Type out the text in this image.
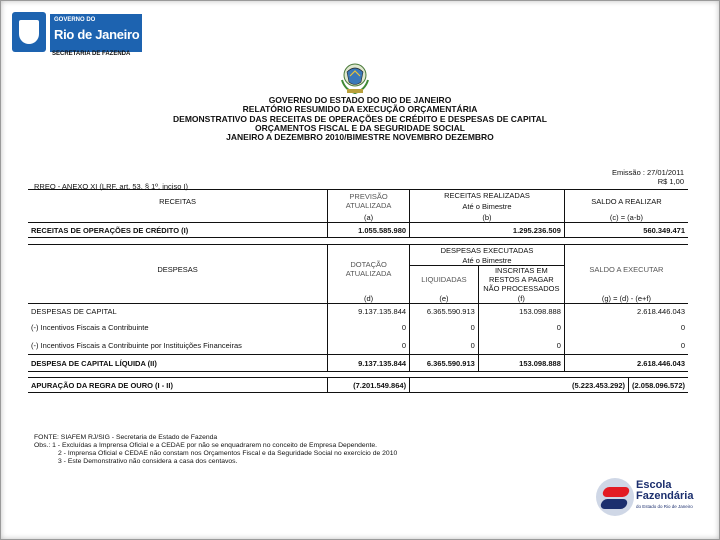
GOVERNO DO
Rio de Janeiro
SECRETARIA DE FAZENDA
GOVERNO DO ESTADO DO RIO DE JANEIRO
RELATÓRIO RESUMIDO DA EXECUÇÃO ORÇAMENTÁRIA
DEMONSTRATIVO DAS RECEITAS DE OPERAÇÕES DE CRÉDITO E DESPESAS DE CAPITAL
ORÇAMENTOS FISCAL E DA SEGURIDADE SOCIAL
JANEIRO A DEZEMBRO 2010/BIMESTRE NOVEMBRO DEZEMBRO
Emissão : 27/01/2011
R$ 1,00
RREO - ANEXO XI (LRF, art. 53, § 1º, inciso I)
RECEITAS	PREVISÃO ATUALIZADA	RECEITAS REALIZADAS		SALDO A REALIZAR	
		Até o Bimestre			
	(a)	(b)		(c) = (a-b)	
RECEITAS DE OPERAÇÕES DE CRÉDITO (I)	1.055.585.980	1.295.236.509		560.349.471	

DESPESAS	DOTAÇÃO ATUALIZADA	DESPESAS EXECUTADAS		SALDO A EXECUTAR	
		Até o Bimestre			
		LIQUIDADAS	INSCRITAS EM RESTOS A PAGAR NÃO PROCESSADOS		
	(d)	(e)	(f)	(g) = (d) - (e+f)	
DESPESAS DE CAPITAL	9.137.135.844	6.365.590.913	153.098.888	2.618.446.043	
(-) Incentivos Fiscais a Contribuinte	0	0	0	0	
(-) Incentivos Fiscais a Contribuinte por Instituições Financeiras	0	0	0	0	
DESPESA DE CAPITAL LÍQUIDA (II)	9.137.135.844	6.365.590.913	153.098.888	2.618.446.043	

APURAÇÃO DA REGRA DE OURO (I - II)	(7.201.549.864)	(5.223.453.292)			(2.058.096.572)
FONTE: SIAFEM RJ/SIG - Secretaria de Estado de Fazenda
Obs.: 1 - Excluídas a Imprensa Oficial e a CEDAE por não se enquadrarem no conceito de Empresa Dependente.
2 - Imprensa Oficial e CEDAE não constam nos Orçamentos Fiscal e da Seguridade Social no exercício de 2010
3 - Este Demonstrativo não considera a casa dos centavos.
Escola
Fazendária
do Estado do Rio de Janeiro
